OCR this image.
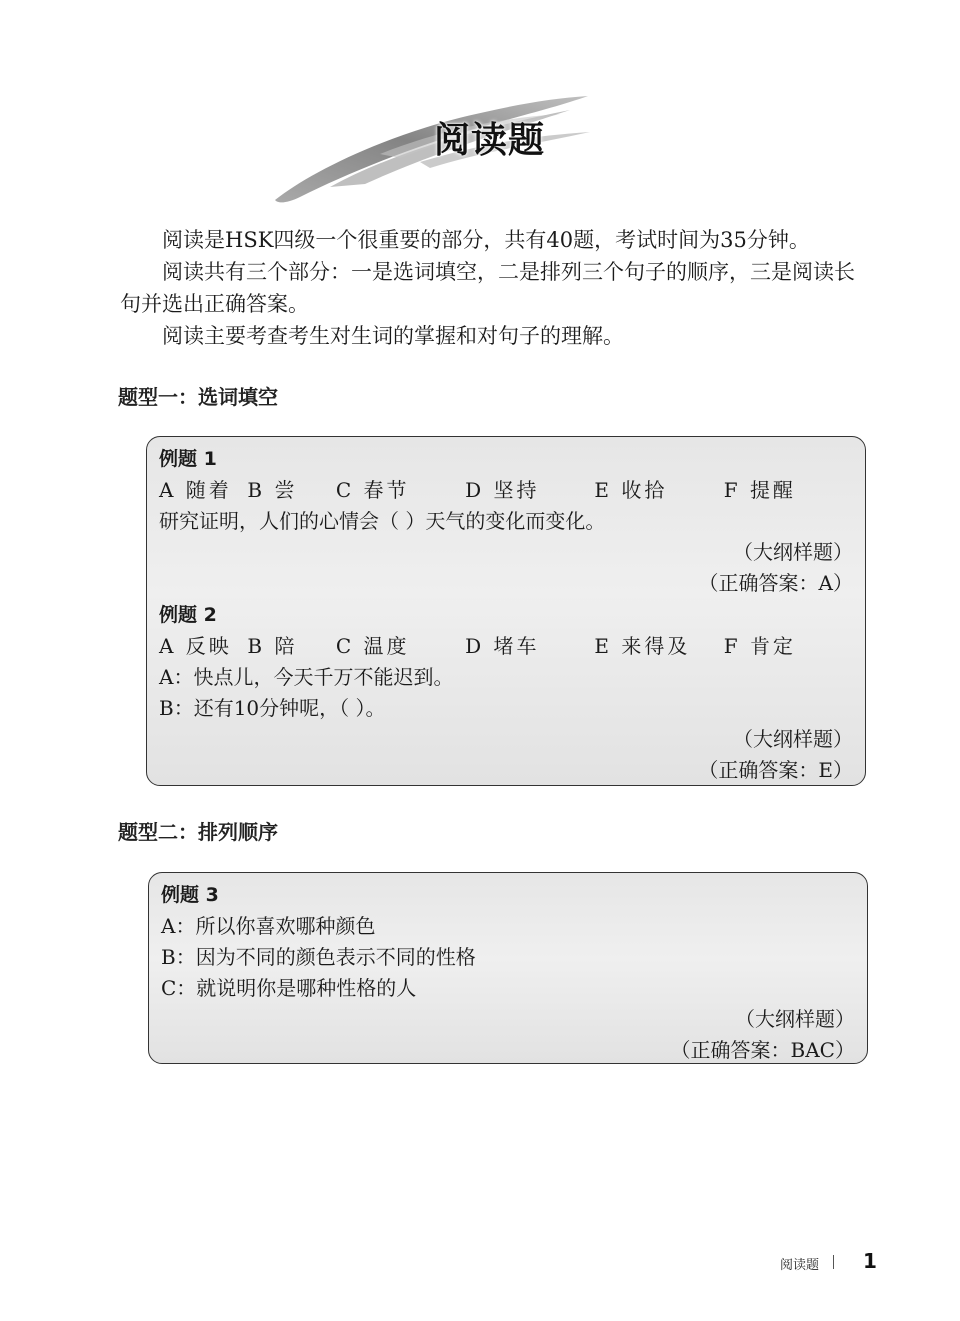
阅读题

阅读是HSK四级一个很重要的部分，共有40题，考试时间为35分钟。

阅读共有三个部分：一是选词填空，二是排列三个句子的顺序，三是阅读长句并选出正确答案。

阅读主要考查考生对生词的掌握和对句子的理解。

题型一：选词填空
例题 1
A 随着 B 尝	C 春节	D 坚持	E 收拾	F 提醒
研究证明，人们的心情会（ ）天气的变化而变化。
（大纲样题）
（正确答案：A）
例题 2
A 反映 B 陪	C 温度	D 堵车	E 来得及	F 肯定
A：快点儿，今天千万不能迟到。
B：还有10分钟呢，（ ）。
（大纲样题）
（正确答案：E）
题型二：排列顺序
例题 3
A：所以你喜欢哪种颜色
B：因为不同的颜色表示不同的性格
C：就说明你是哪种性格的人
（大纲样题）
（正确答案：BAC）
阅读题 1
